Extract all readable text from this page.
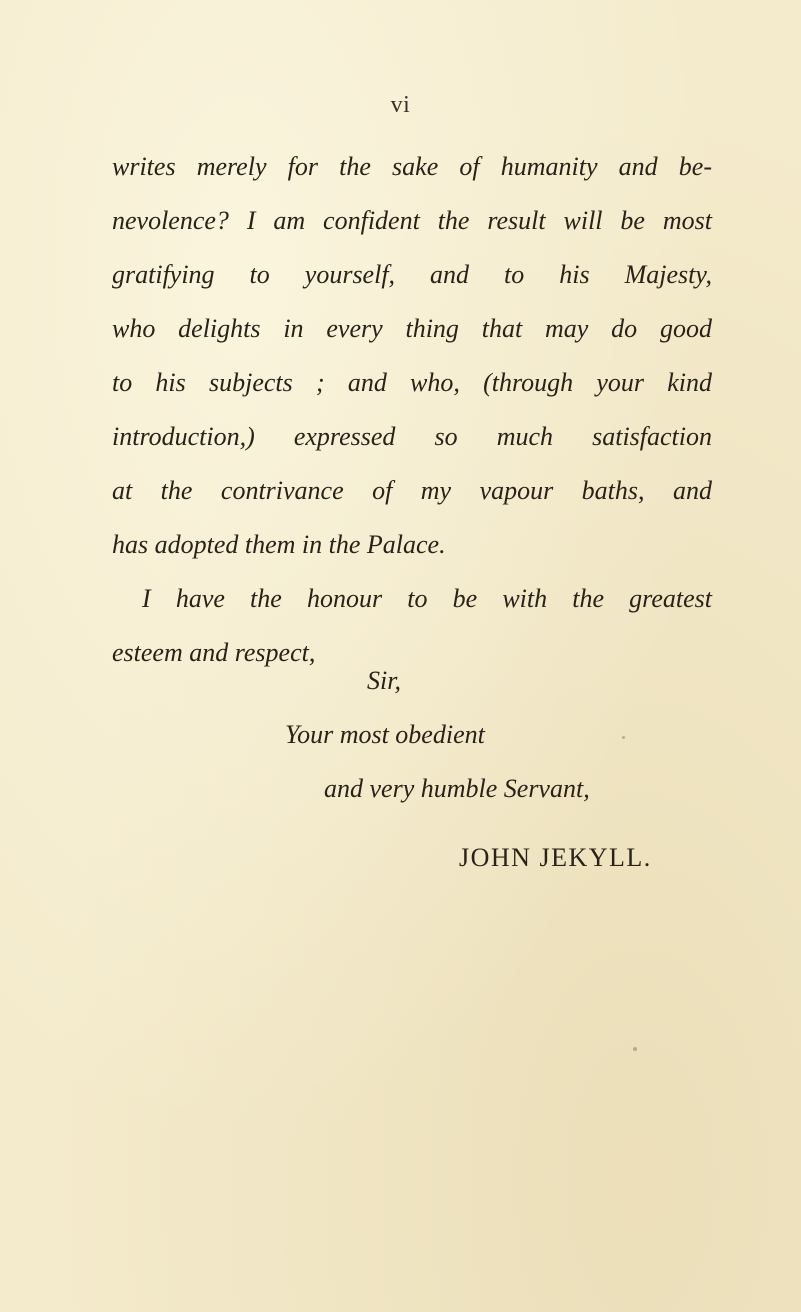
vi
writes merely for the sake of humanity and be-
nevolence? I am confident the result will be most
gratifying to yourself, and to his Majesty,
who delights in every thing that may do good
to his subjects ; and who, (through your kind
introduction,) expressed so much satisfaction
at the contrivance of my vapour baths, and
has adopted them in the Palace.
I have the honour to be with the greatest
esteem and respect,
Sir,
Your most obedient
and very humble Servant,
JOHN JEKYLL.
